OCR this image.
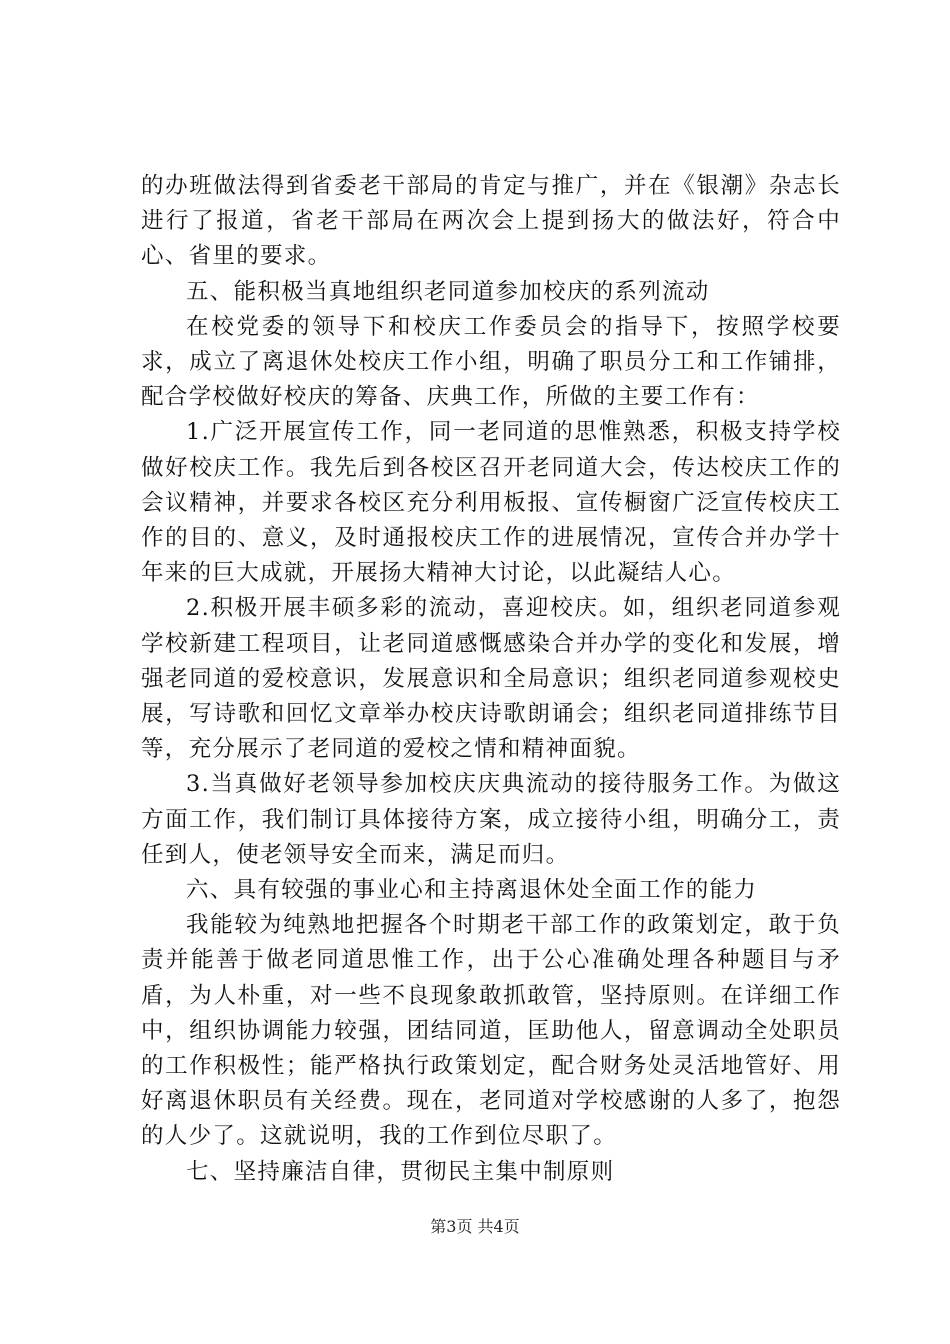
的办班做法得到省委老干部局的肯定与推广，并在《银潮》杂志长进行了报道，省老干部局在两次会上提到扬大的做法好，符合中心、省里的要求。

五、能积极当真地组织老同道参加校庆的系列流动

在校党委的领导下和校庆工作委员会的指导下，按照学校要求，成立了离退休处校庆工作小组，明确了职员分工和工作铺排，配合学校做好校庆的筹备、庆典工作，所做的主要工作有：

1.广泛开展宣传工作，同一老同道的思惟熟悉，积极支持学校做好校庆工作。我先后到各校区召开老同道大会，传达校庆工作的会议精神，并要求各校区充分利用板报、宣传橱窗广泛宣传校庆工作的目的、意义，及时通报校庆工作的进展情况，宣传合并办学十年来的巨大成就，开展扬大精神大讨论，以此凝结人心。

2.积极开展丰硕多彩的流动，喜迎校庆。如，组织老同道参观学校新建工程项目，让老同道感慨感染合并办学的变化和发展，增强老同道的爱校意识，发展意识和全局意识；组织老同道参观校史展，写诗歌和回忆文章举办校庆诗歌朗诵会；组织老同道排练节目等，充分展示了老同道的爱校之情和精神面貌。

3.当真做好老领导参加校庆庆典流动的接待服务工作。为做这方面工作，我们制订具体接待方案，成立接待小组，明确分工，责任到人，使老领导安全而来，满足而归。

六、具有较强的事业心和主持离退休处全面工作的能力

我能较为纯熟地把握各个时期老干部工作的政策划定，敢于负责并能善于做老同道思惟工作，出于公心准确处理各种题目与矛盾，为人朴重，对一些不良现象敢抓敢管，坚持原则。在详细工作中，组织协调能力较强，团结同道，匡助他人，留意调动全处职员的工作积极性；能严格执行政策划定，配合财务处灵活地管好、用好离退休职员有关经费。现在，老同道对学校感谢的人多了，抱怨的人少了。这就说明，我的工作到位尽职了。

七、坚持廉洁自律，贯彻民主集中制原则

第3页 共4页
